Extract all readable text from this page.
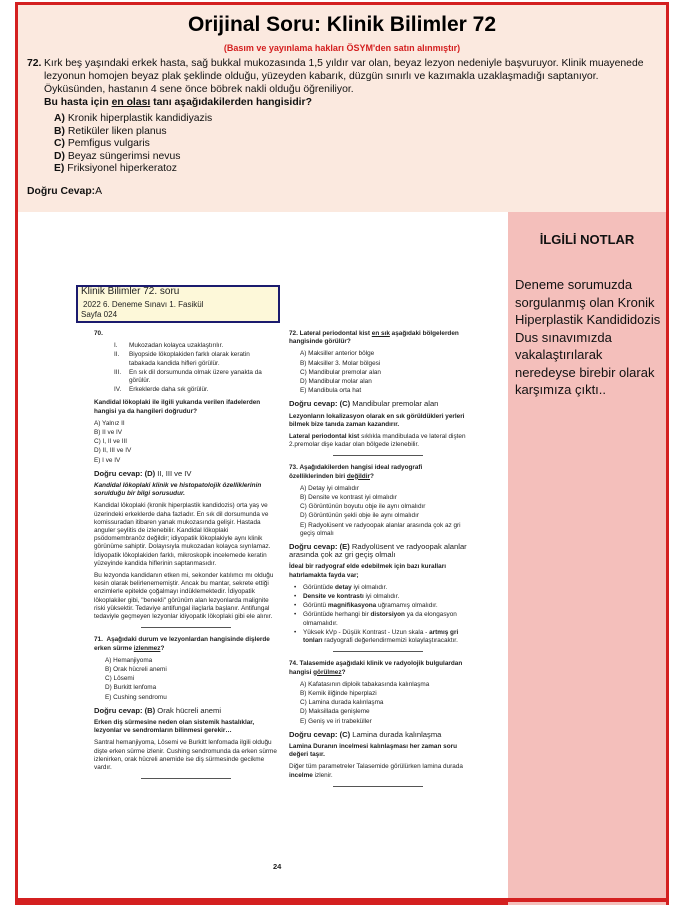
Orijinal Soru: Klinik Bilimler 72
(Basım ve yayınlama hakları ÖSYM'den satın alınmıştır)
72. Kırk beş yaşındaki erkek hasta, sağ bukkal mukozasında 1,5 yıldır var olan, beyaz lezyon nedeniyle başvuruyor. Klinik muayenede lezyonun homojen beyaz plak şeklinde olduğu, yüzeyden kabarık, düzgün sınırlı ve kazımakla uzaklaşmadığı saptanıyor. Öyküsünden, hastanın 4 sene önce böbrek nakli olduğu öğreniliyor.
Bu hasta için en olası tanı aşağıdakilerden hangisidir?
A) Kronik hiperplastik kandidiyazis
B) Retiküler liken planus
C) Pemfigus vulgaris
D) Beyaz süngerimsi nevus
E) Friksiyonel hiperkeratoz
Doğru Cevap:A
İLGİLİ NOTLAR
Deneme sorumuzda sorgulanmış olan Kronik Hiperplastik Kandididozis Dus sınavımızda vakalaştırılarak neredeyse birebir olarak karşımıza çıktı..
Klinik Bilimler 72. soru
2022 6. Deneme Sınavı 1. Fasikül
Sayfa 024

70.

I.	Mukozadan kolayca uzaklaştırılır.
II.	Biyopside lökoplakiden farklı olarak keratin tabakada kandida hifleri görülür.
III.	En sık dil dorsumunda olmak üzere yanakta da görülür.
IV.	Erkeklerde daha sık görülür.

Kandidal lökoplaki ile ilgili yukarıda verilen ifadelerden hangisi ya da hangileri doğrudur?

A) Yalnız II
B) II ve IV
C) I, II ve III
D) II, III ve IV
E) I ve IV

Doğru cevap: (D) II, III ve IV

Kandidal lökoplaki klinik ve histopatolojik özelliklerinin sorulduğu bir bilgi sorusudur.

Kandidal lökoplaki (kronik hiperplastik kandidozis) orta yaş ve üzerindeki erkeklerde daha fazladır. En sık dil dorsumunda ve komissuradan itibaren yanak mukozasında gelişir. Hastada anguler şeylitis de izlenebilir. Kandidal lökoplaki psödomembranöz değildir; idiyopatik lökoplakiyle aynı klinik görünüme sahiptir. Dolayısıyla mukozadan kolayca sıyrılamaz. İdiyopatik lökoplakiden farklı, mikroskopik incelemede keratin yüzeyinde kandida hiflerinin saptanmasıdır.

Bu lezyonda kandidanın etken mi, sekonder katılımcı mı olduğu kesin olarak belirlenememiştir. Ancak bu mantar, sekrete ettiği enzimlerle epitelde çoğalmayı indüklemektedir. İdiyopatik lökoplakiler gibi, "benekli" görünüm alan lezyonlarda malignite riski yüksektir. Tedaviye antifungal ilaçlarla başlanır. Antifungal tedaviyle geçmeyen lezyonlar idiyopatik lökoplaki gibi ele alınır.

71. Aşağıdaki durum ve lezyonlardan hangisinde dişlerde erken sürme izlenmez?

A) Hemanjiyoma
B) Orak hücreli anemi
C) Lösemi
D) Burkitt lenfoma
E) Cushing sendromu

Doğru cevap: (B) Orak hücreli anemi

Erken diş sürmesine neden olan sistemik hastalıklar, lezyonlar ve sendromların bilinmesi gerekir…

Santral hemanjiyoma, Lösemi ve Burkitt lenfomada ilgili olduğu dişte erken sürme izlenir. Cushing sendromunda da erken sürme izlenirken, orak hücreli anemide ise diş sürmesinde gecikme vardır.

72. Lateral periodontal kist en sık aşağıdaki bölgelerden hangisinde görülür?

A) Maksiller anterior bölge
B) Maksiller 3. Molar bölgesi
C) Mandibular premolar alan
D) Mandibular molar alan
E) Mandibula orta hat

Doğru cevap: (C) Mandibular premolar alan

Lezyonların lokalizasyon olarak en sık görüldükleri yerleri bilmek bize tanıda zaman kazandırır.

Lateral periodontal kist sıklıkla mandibulada ve lateral dişten 2.premolar dişe kadar olan bölgede izlenebilir.

73. Aşağıdakilerden hangisi ideal radyografi özelliklerinden biri değildir?

A) Detay iyi olmalıdır
B) Densite ve kontrast iyi olmalıdır
C) Görüntünün boyutu obje ile aynı olmalıdır
D) Görüntünün şekli obje ile aynı olmalıdır
E) Radyolüsent ve radyoopak alanlar arasında çok az gri geçiş olmalı

Doğru cevap: (E) Radyolüsent ve radyoopak alanlar arasında çok az gri geçiş olmalı

İdeal bir radyograf elde edebilmek için bazı kuralları hatırlamakta fayda var;

•	Görüntüde detay iyi olmalıdır.
•	Densite ve kontrastı iyi olmalıdır.
•	Görüntü magnifikasyona uğramamış olmalıdır.
•	Görüntüde herhangi bir distorsiyon ya da elongasyon olmamalıdır.
•	Yüksek kVp - Düşük Kontrast - Uzun skala - artmış gri tonları radyografi değerlendirmemizi kolaylaştıracaktır.

74. Talasemide aşağıdaki klinik ve radyolojik bulgulardan hangisi görülmez?

A) Kafatasının diploik tabakasında kalınlaşma
B) Kemik iliğinde hiperplazi
C) Lamina durada kalınlaşma
D) Maksillada genişleme
E) Geniş ve iri trabeküller

Doğru cevap: (C) Lamina durada kalınlaşma

Lamina Duranın incelmesi kalınlaşması her zaman soru değeri taşır.

Diğer tüm parametreler Talasemide görülürken lamina durada incelme izlenir.

24
